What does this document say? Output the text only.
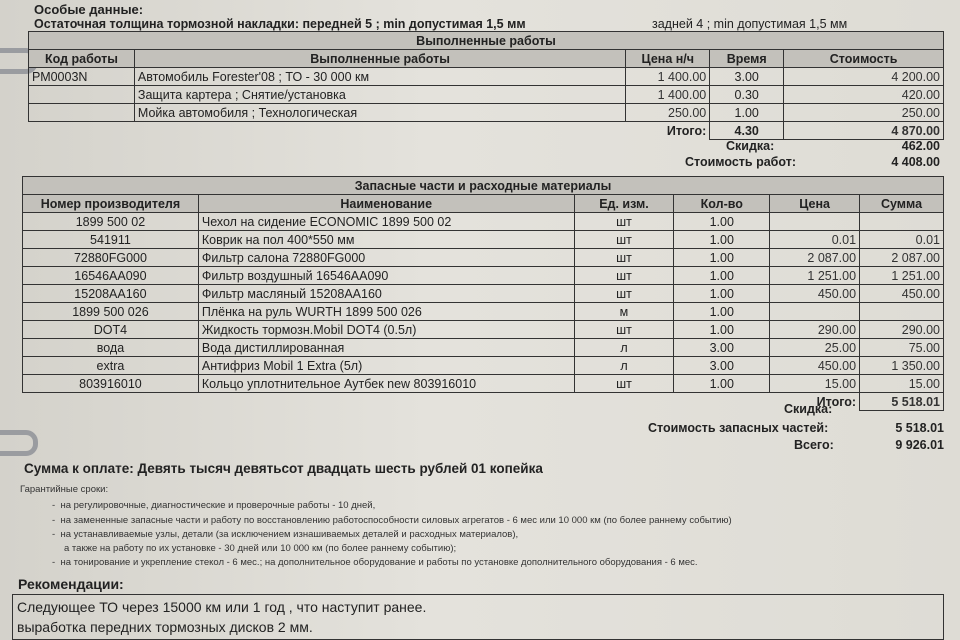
Особые данные:
Остаточная толщина тормозной накладки: передней 5 ; min допустимая 1,5 мм	задней 4 ; min допустимая 1,5 мм
Выполненные работы				
Код работы	Выполненные работы	Цена н/ч	Время	Стоимость
РМ0003N	Автомобиль Forester'08 ; ТО - 30 000 км	1 400.00	3.00	4 200.00
	Защита картера ; Снятие/установка	1 400.00	0.30	420.00
	Мойка автомобиля ; Технологическая	250.00	1.00	250.00
		Итого:	4.30	4 870.00
Скидка:	462.00
Стоимость работ:	4 408.00
Запасные части и расходные материалы					
Номер производителя	Наименование	Ед. изм.	Кол-во	Цена	Сумма
1899 500 02	Чехол на сидение ECONOMIC 1899 500 02	шт	1.00		
541911	Коврик на пол 400*550 мм	шт	1.00	0.01	0.01
72880FG000	Фильтр салона 72880FG000	шт	1.00	2 087.00	2 087.00
16546AA090	Фильтр воздушный 16546AA090	шт	1.00	1 251.00	1 251.00
15208AA160	Фильтр масляный 15208AA160	шт	1.00	450.00	450.00
1899 500 026	Плёнка на руль WURTH 1899 500 026	м	1.00		
DOT4	Жидкость тормозн.Mobil DOT4 (0.5л)	шт	1.00	290.00	290.00
вода	Вода дистиллированная	л	3.00	25.00	75.00
extra	Антифриз Mobil 1 Extra (5л)	л	3.00	450.00	1 350.00
803916010	Кольцо уплотнительное Аутбек new 803916010	шт	1.00	15.00	15.00
				Итого:	5 518.01
Скидка:
Стоимость запасных частей:	5 518.01
Всего:	9 926.01
Сумма к оплате: Девять тысяч девятьсот двадцать шесть рублей 01 копейка
Гарантийные сроки:
-  на регулировочные, диагностические и проверочные работы - 10 дней,
-  на замененные запасные части и работу по восстановлению работоспособности силовых агрегатов - 6 мес или 10 000 км (по более раннему событию)
-  на устанавливаемые узлы, детали (за исключением изнашиваемых деталей и расходных материалов),
а также на работу по их установке - 30 дней или 10 000 км (по более раннему событию);
-  на тонирование и укрепление стекол - 6 мес.; на дополнительное оборудование и работы по установке дополнительного оборудования - 6 мес.
Рекомендации:
Следующее ТО через 15000 км или 1 год , что наступит ранее.
выработка передних тормозных дисков 2 мм.
